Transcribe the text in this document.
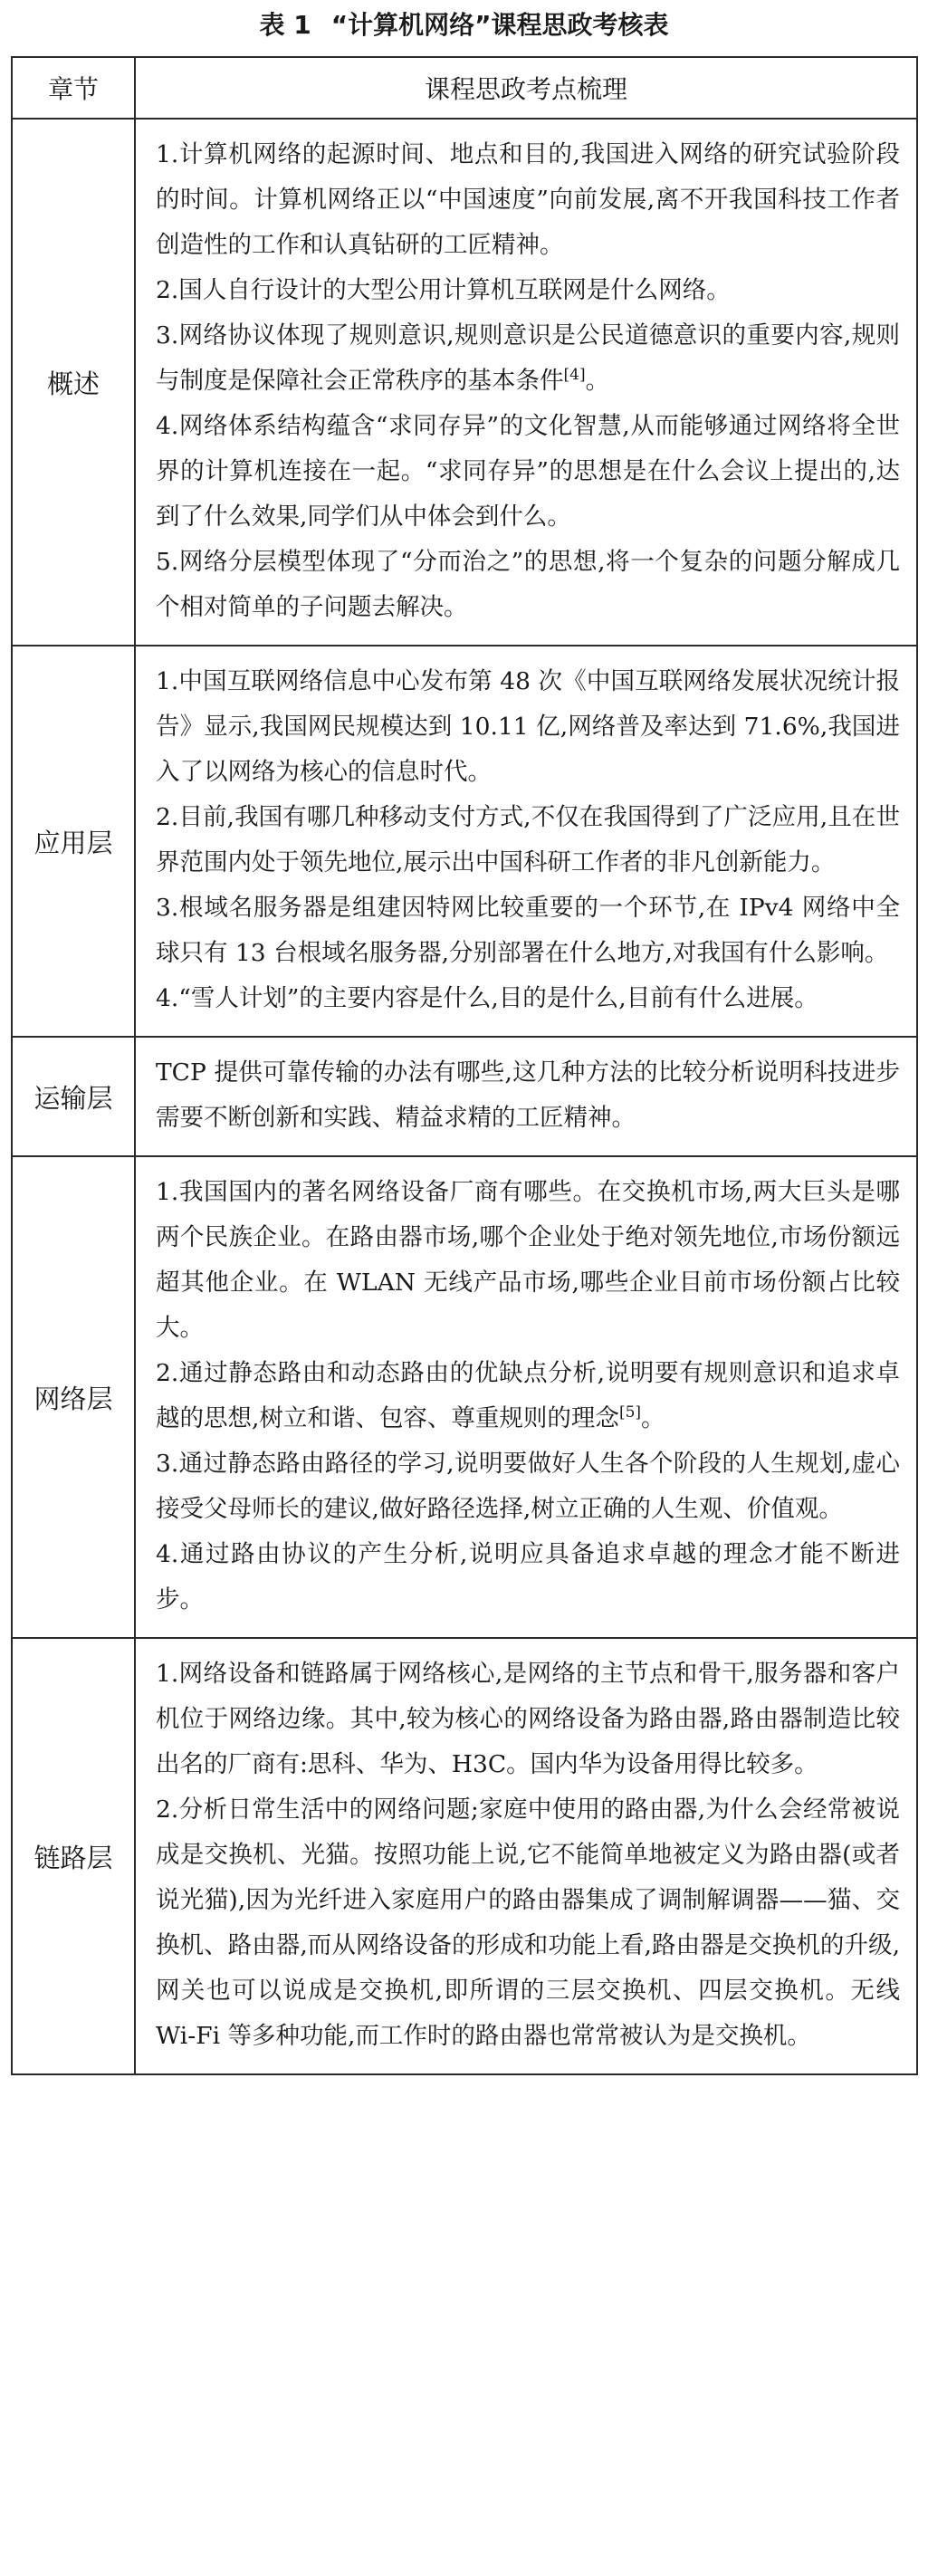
表 1 “计算机网络”课程思政考核表
章节	课程思政考点梳理
概述	1.计算机网络的起源时间、地点和目的,我国进入网络的研究试验阶段的时间。计算机网络正以“中国速度”向前发展,离不开我国科技工作者创造性的工作和认真钻研的工匠精神。

2.国人自行设计的大型公用计算机互联网是什么网络。

3.网络协议体现了规则意识,规则意识是公民道德意识的重要内容,规则与制度是保障社会正常秩序的基本条件[4]。

4.网络体系结构蕴含“求同存异”的文化智慧,从而能够通过网络将全世界的计算机连接在一起。“求同存异”的思想是在什么会议上提出的,达到了什么效果,同学们从中体会到什么。

5.网络分层模型体现了“分而治之”的思想,将一个复杂的问题分解成几个相对简单的子问题去解决。

应用层	1.中国互联网络信息中心发布第 48 次《中国互联网络发展状况统计报告》显示,我国网民规模达到 10.11 亿,网络普及率达到 71.6%,我国进入了以网络为核心的信息时代。

2.目前,我国有哪几种移动支付方式,不仅在我国得到了广泛应用,且在世界范围内处于领先地位,展示出中国科研工作者的非凡创新能力。

3.根域名服务器是组建因特网比较重要的一个环节,在 IPv4 网络中全球只有 13 台根域名服务器,分别部署在什么地方,对我国有什么影响。

4.“雪人计划”的主要内容是什么,目的是什么,目前有什么进展。

运输层	TCP 提供可靠传输的办法有哪些,这几种方法的比较分析说明科技进步需要不断创新和实践、精益求精的工匠精神。

网络层	1.我国国内的著名网络设备厂商有哪些。在交换机市场,两大巨头是哪两个民族企业。在路由器市场,哪个企业处于绝对领先地位,市场份额远超其他企业。在 WLAN 无线产品市场,哪些企业目前市场份额占比较大。

2.通过静态路由和动态路由的优缺点分析,说明要有规则意识和追求卓越的思想,树立和谐、包容、尊重规则的理念[5]。

3.通过静态路由路径的学习,说明要做好人生各个阶段的人生规划,虚心接受父母师长的建议,做好路径选择,树立正确的人生观、价值观。

4.通过路由协议的产生分析,说明应具备追求卓越的理念才能不断进步。

链路层	1.网络设备和链路属于网络核心,是网络的主节点和骨干,服务器和客户机位于网络边缘。其中,较为核心的网络设备为路由器,路由器制造比较出名的厂商有:思科、华为、H3C。国内华为设备用得比较多。

2.分析日常生活中的网络问题;家庭中使用的路由器,为什么会经常被说成是交换机、光猫。按照功能上说,它不能简单地被定义为路由器(或者说光猫),因为光纤进入家庭用户的路由器集成了调制解调器——猫、交换机、路由器,而从网络设备的形成和功能上看,路由器是交换机的升级,网关也可以说成是交换机,即所谓的三层交换机、四层交换机。无线 Wi-Fi 等多种功能,而工作时的路由器也常常被认为是交换机。
